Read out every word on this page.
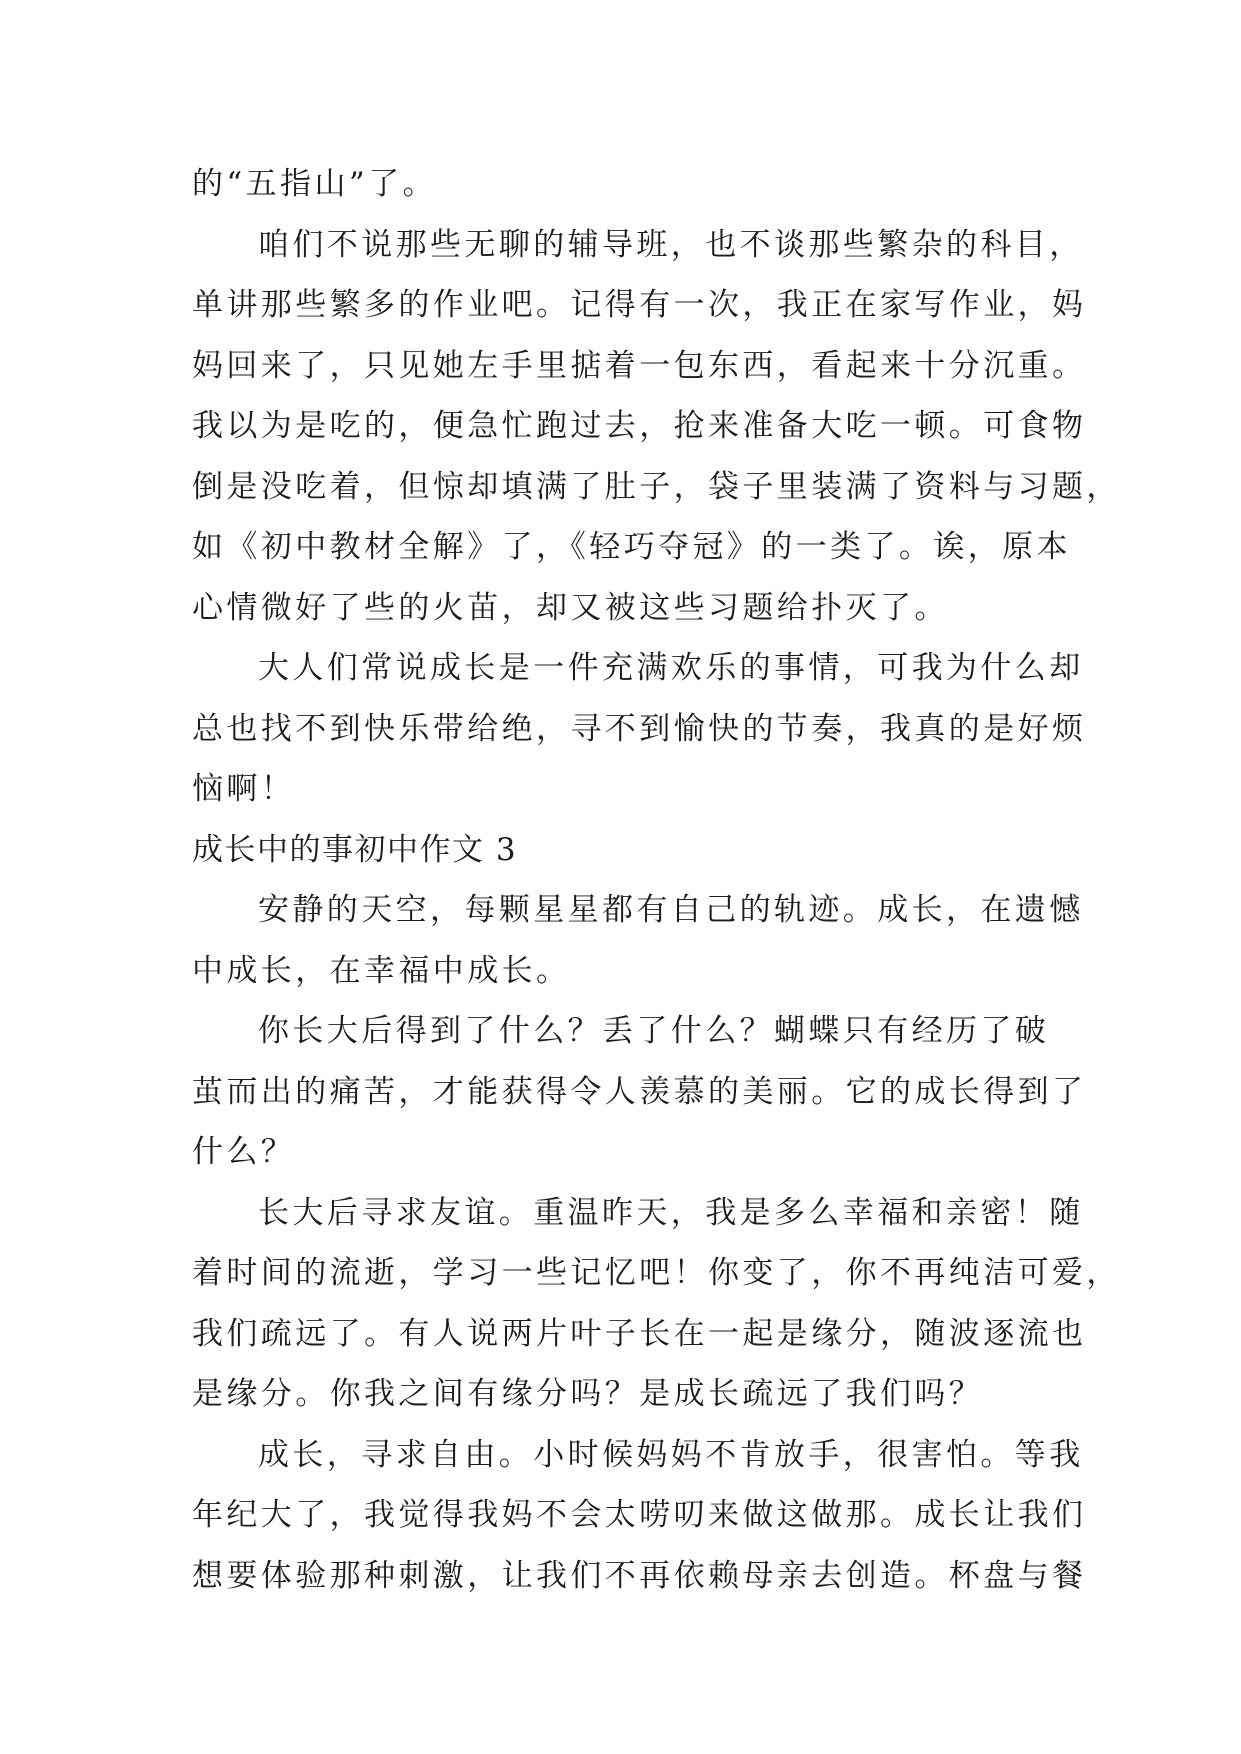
的“五指山”了。
咱们不说那些无聊的辅导班，也不谈那些繁杂的科目，
单讲那些繁多的作业吧。记得有一次，我正在家写作业，妈
妈回来了，只见她左手里掂着一包东西，看起来十分沉重。
我以为是吃的，便急忙跑过去，抢来准备大吃一顿。可食物
倒是没吃着，但惊却填满了肚子，袋子里装满了资料与习题，
如《初中教材全解》了，《轻巧夺冠》的一类了。诶，原本
心情微好了些的火苗，却又被这些习题给扑灭了。
大人们常说成长是一件充满欢乐的事情，可我为什么却
总也找不到快乐带给绝，寻不到愉快的节奏，我真的是好烦
恼啊！
成长中的事初中作文 3
安静的天空，每颗星星都有自己的轨迹。成长，在遗憾
中成长，在幸福中成长。
你长大后得到了什么？丢了什么？蝴蝶只有经历了破
茧而出的痛苦，才能获得令人羡慕的美丽。它的成长得到了
什么？
长大后寻求友谊。重温昨天，我是多么幸福和亲密！随
着时间的流逝，学习一些记忆吧！你变了，你不再纯洁可爱，
我们疏远了。有人说两片叶子长在一起是缘分，随波逐流也
是缘分。你我之间有缘分吗？是成长疏远了我们吗？
成长，寻求自由。小时候妈妈不肯放手，很害怕。等我
年纪大了，我觉得我妈不会太唠叨来做这做那。成长让我们
想要体验那种刺激，让我们不再依赖母亲去创造。杯盘与餐
